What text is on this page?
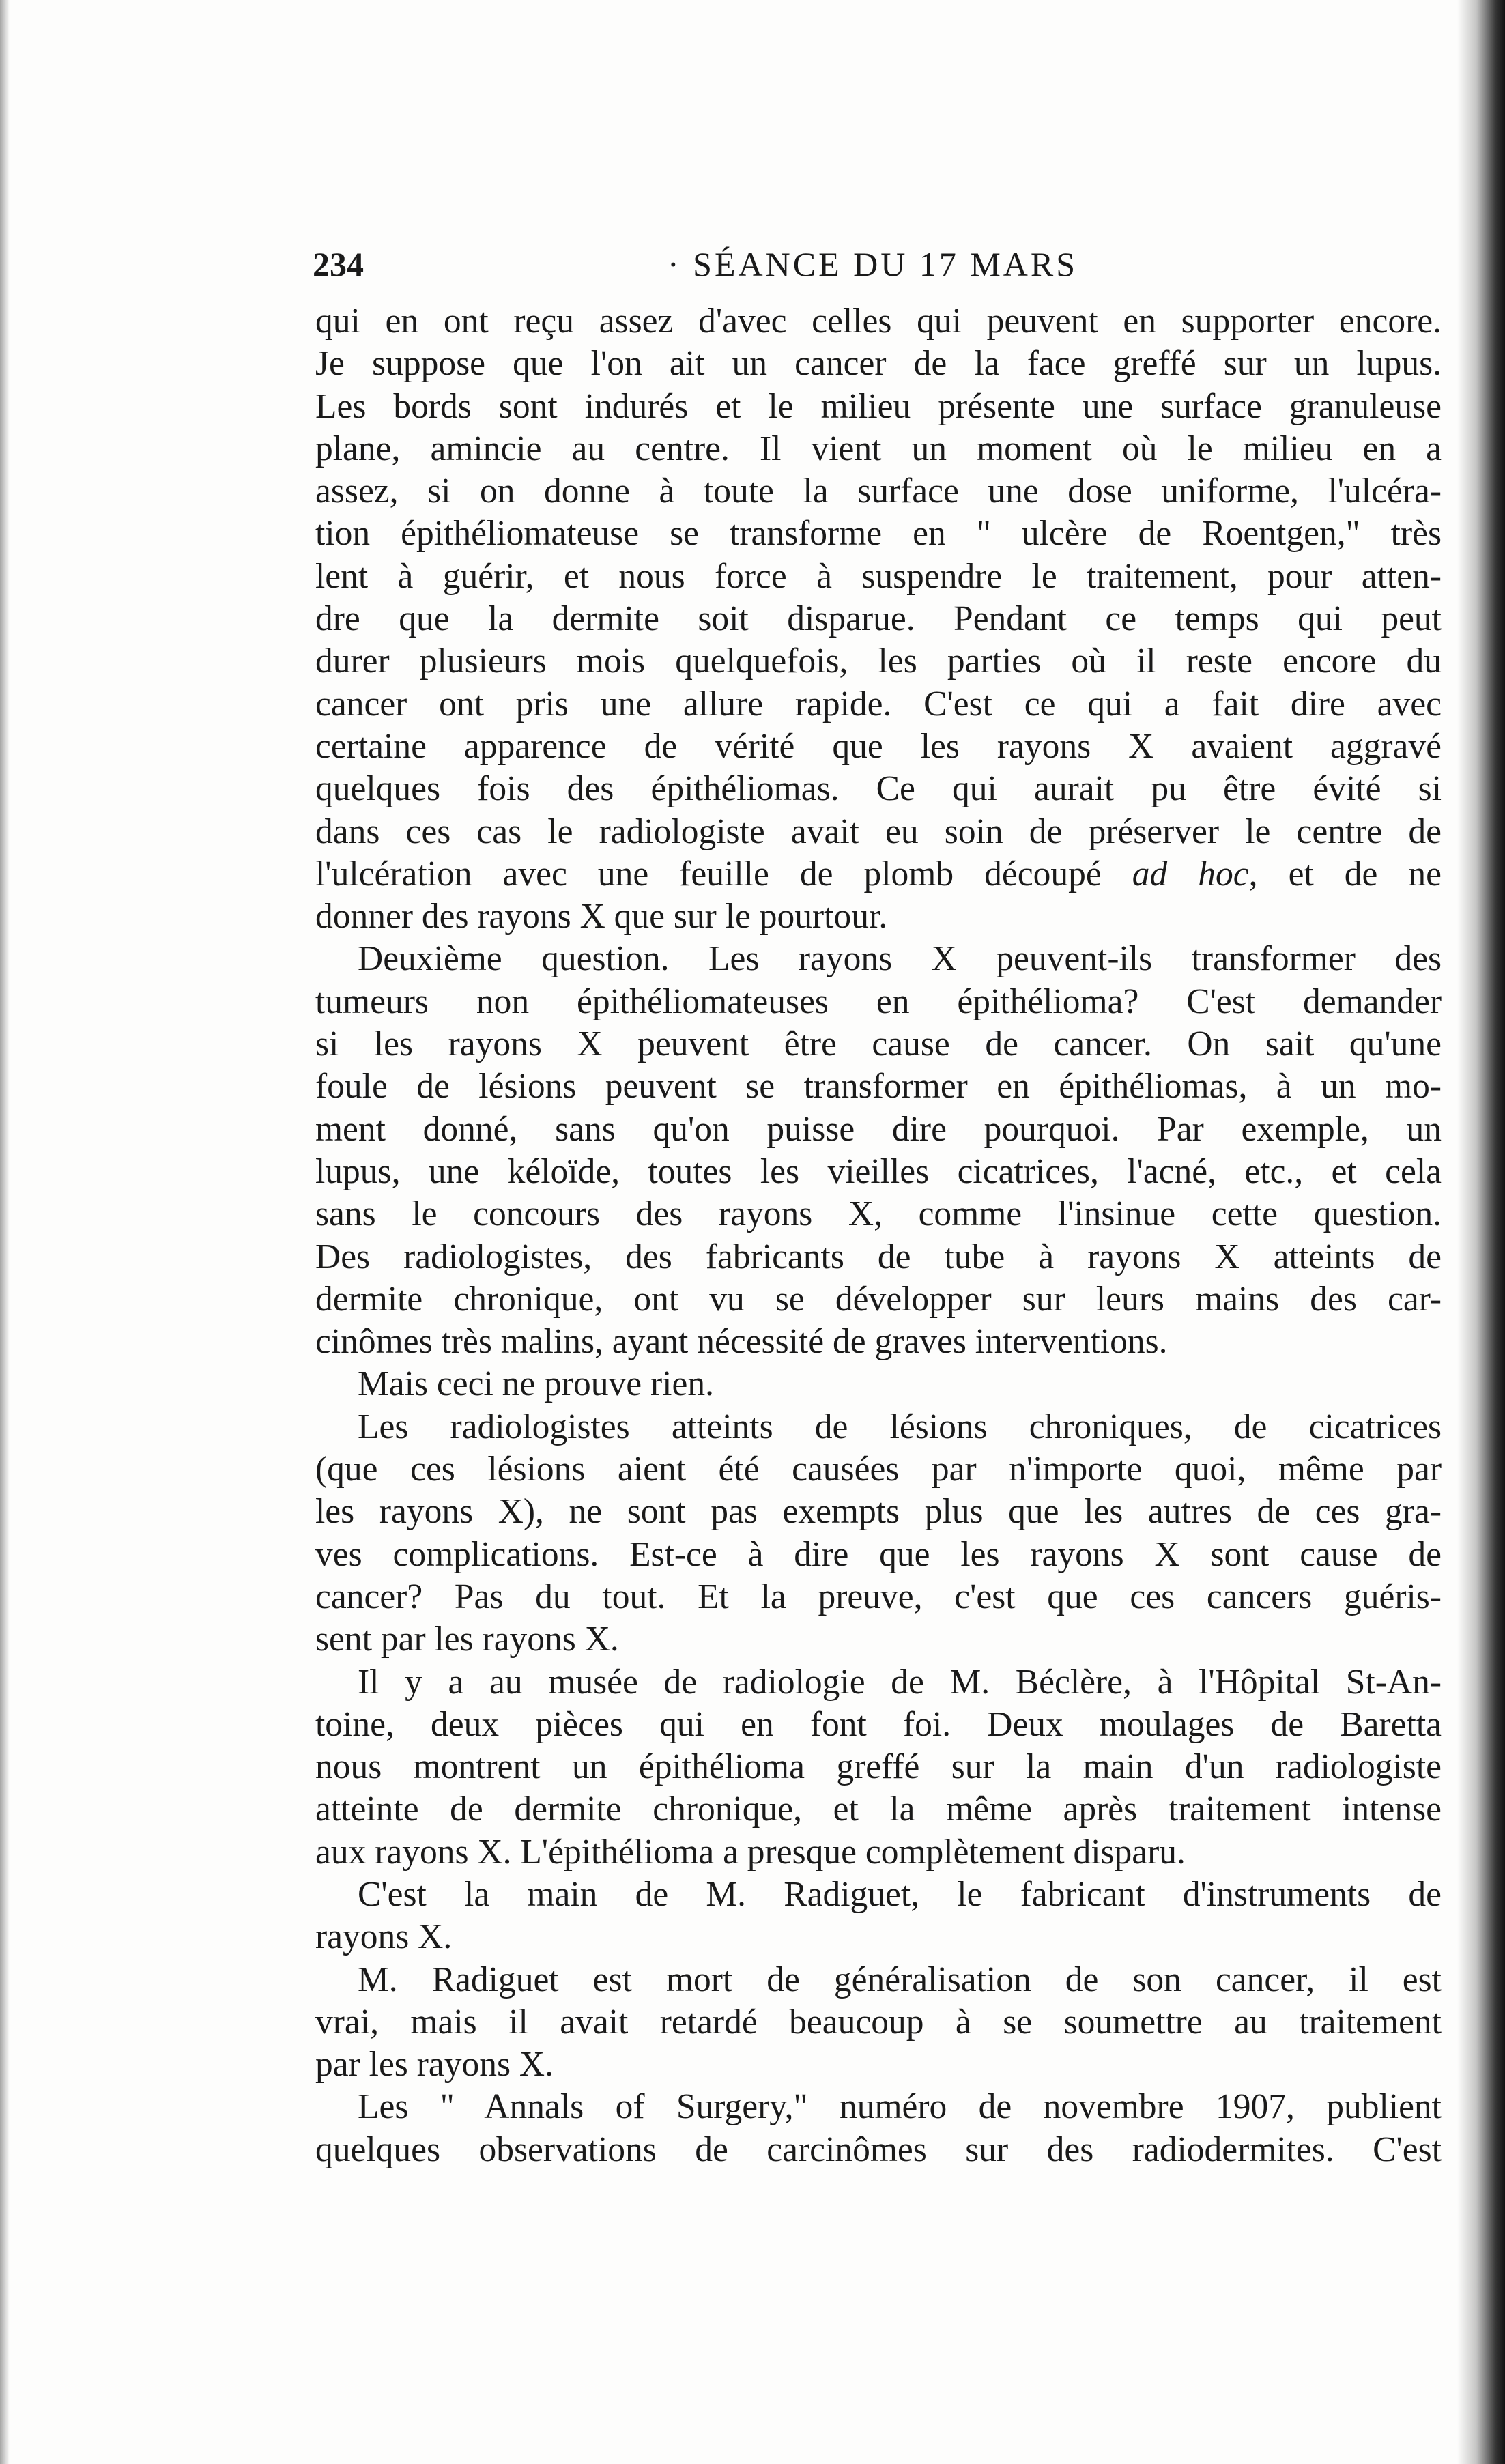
234	· SÉANCE DU 17 MARS
qui en ont reçu assez d'avec celles qui peuvent en supporter encore.
Je suppose que l'on ait un cancer de la face greffé sur un lupus.
Les bords sont indurés et le milieu présente une surface granuleuse
plane, amincie au centre. Il vient un moment où le milieu en a
assez, si on donne à toute la surface une dose uniforme, l'ulcéra-
tion épithéliomateuse se transforme en " ulcère de Roentgen," très
lent à guérir, et nous force à suspendre le traitement, pour atten-
dre que la dermite soit disparue. Pendant ce temps qui peut
durer plusieurs mois quelquefois, les parties où il reste encore du
cancer ont pris une allure rapide. C'est ce qui a fait dire avec
certaine apparence de vérité que les rayons X avaient aggravé
quelques fois des épithéliomas. Ce qui aurait pu être évité si
dans ces cas le radiologiste avait eu soin de préserver le centre de
l'ulcération avec une feuille de plomb découpé ad hoc, et de ne
donner des rayons X que sur le pourtour.
Deuxième question. Les rayons X peuvent-ils transformer des
tumeurs non épithéliomateuses en épithélioma? C'est demander
si les rayons X peuvent être cause de cancer. On sait qu'une
foule de lésions peuvent se transformer en épithéliomas, à un mo-
ment donné, sans qu'on puisse dire pourquoi. Par exemple, un
lupus, une kéloïde, toutes les vieilles cicatrices, l'acné, etc., et cela
sans le concours des rayons X, comme l'insinue cette question.
Des radiologistes, des fabricants de tube à rayons X atteints de
dermite chronique, ont vu se développer sur leurs mains des car-
cinômes très malins, ayant nécessité de graves interventions.
Mais ceci ne prouve rien.
Les radiologistes atteints de lésions chroniques, de cicatrices
(que ces lésions aient été causées par n'importe quoi, même par
les rayons X), ne sont pas exempts plus que les autres de ces gra-
ves complications. Est-ce à dire que les rayons X sont cause de
cancer? Pas du tout. Et la preuve, c'est que ces cancers guéris-
sent par les rayons X.
Il y a au musée de radiologie de M. Béclère, à l'Hôpital St-An-
toine, deux pièces qui en font foi. Deux moulages de Baretta
nous montrent un épithélioma greffé sur la main d'un radiologiste
atteinte de dermite chronique, et la même après traitement intense
aux rayons X. L'épithélioma a presque complètement disparu.
C'est la main de M. Radiguet, le fabricant d'instruments de
rayons X.
M. Radiguet est mort de généralisation de son cancer, il est
vrai, mais il avait retardé beaucoup à se soumettre au traitement
par les rayons X.
Les " Annals of Surgery," numéro de novembre 1907, publient
quelques observations de carcinômes sur des radiodermites. C'est
